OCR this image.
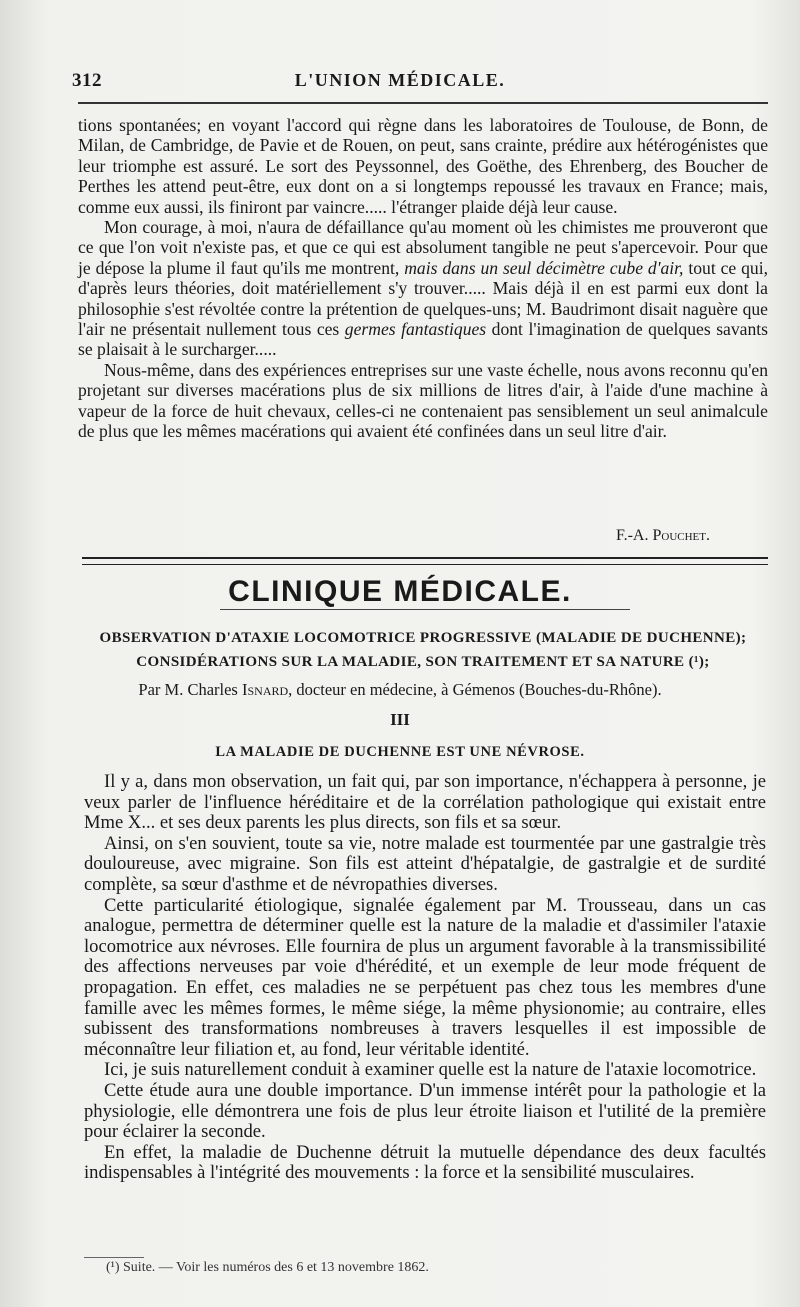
312	L'UNION MÉDICALE.

tions spontanées; en voyant l'accord qui règne dans les laboratoires de Toulouse, de Bonn, de Milan, de Cambridge, de Pavie et de Rouen, on peut, sans crainte, prédire aux hétérogénistes que leur triomphe est assuré. Le sort des Peyssonnel, des Goëthe, des Ehrenberg, des Boucher de Perthes les attend peut-être, eux dont on a si longtemps repoussé les travaux en France; mais, comme eux aussi, ils finiront par vaincre..... l'étranger plaide déjà leur cause.

Mon courage, à moi, n'aura de défaillance qu'au moment où les chimistes me prouveront que ce que l'on voit n'existe pas, et que ce qui est absolument tangible ne peut s'apercevoir. Pour que je dépose la plume il faut qu'ils me montrent, mais dans un seul décimètre cube d'air, tout ce qui, d'après leurs théories, doit matériellement s'y trouver..... Mais déjà il en est parmi eux dont la philosophie s'est révoltée contre la prétention de quelques-uns; M. Baudrimont disait naguère que l'air ne présentait nullement tous ces germes fantastiques dont l'imagination de quelques savants se plaisait à le surcharger.....

Nous-même, dans des expériences entreprises sur une vaste échelle, nous avons reconnu qu'en projetant sur diverses macérations plus de six millions de litres d'air, à l'aide d'une machine à vapeur de la force de huit chevaux, celles-ci ne contenaient pas sensiblement un seul animalcule de plus que les mêmes macérations qui avaient été confinées dans un seul litre d'air.

F.-A. Pouchet.
CLINIQUE MÉDICALE.
OBSERVATION D'ATAXIE LOCOMOTRICE PROGRESSIVE (MALADIE DE DUCHENNE); CONSIDÉRATIONS SUR LA MALADIE, SON TRAITEMENT ET SA NATURE (¹);
Par M. Charles Isnard, docteur en médecine, à Gémenos (Bouches-du-Rhône).
III
LA MALADIE DE DUCHENNE EST UNE NÉVROSE.

Il y a, dans mon observation, un fait qui, par son importance, n'échappera à personne, je veux parler de l'influence héréditaire et de la corrélation pathologique qui existait entre Mme X... et ses deux parents les plus directs, son fils et sa sœur.

Ainsi, on s'en souvient, toute sa vie, notre malade est tourmentée par une gastralgie très douloureuse, avec migraine. Son fils est atteint d'hépatalgie, de gastralgie et de surdité complète, sa sœur d'asthme et de névropathies diverses.

Cette particularité étiologique, signalée également par M. Trousseau, dans un cas analogue, permettra de déterminer quelle est la nature de la maladie et d'assimiler l'ataxie locomotrice aux névroses. Elle fournira de plus un argument favorable à la transmissibilité des affections nerveuses par voie d'hérédité, et un exemple de leur mode fréquent de propagation. En effet, ces maladies ne se perpétuent pas chez tous les membres d'une famille avec les mêmes formes, le même siége, la même physionomie; au contraire, elles subissent des transformations nombreuses à travers lesquelles il est impossible de méconnaître leur filiation et, au fond, leur véritable identité.

Ici, je suis naturellement conduit à examiner quelle est la nature de l'ataxie locomotrice.

Cette étude aura une double importance. D'un immense intérêt pour la pathologie et la physiologie, elle démontrera une fois de plus leur étroite liaison et l'utilité de la première pour éclairer la seconde.

En effet, la maladie de Duchenne détruit la mutuelle dépendance des deux facultés indispensables à l'intégrité des mouvements : la force et la sensibilité musculaires.

(¹) Suite. — Voir les numéros des 6 et 13 novembre 1862.
